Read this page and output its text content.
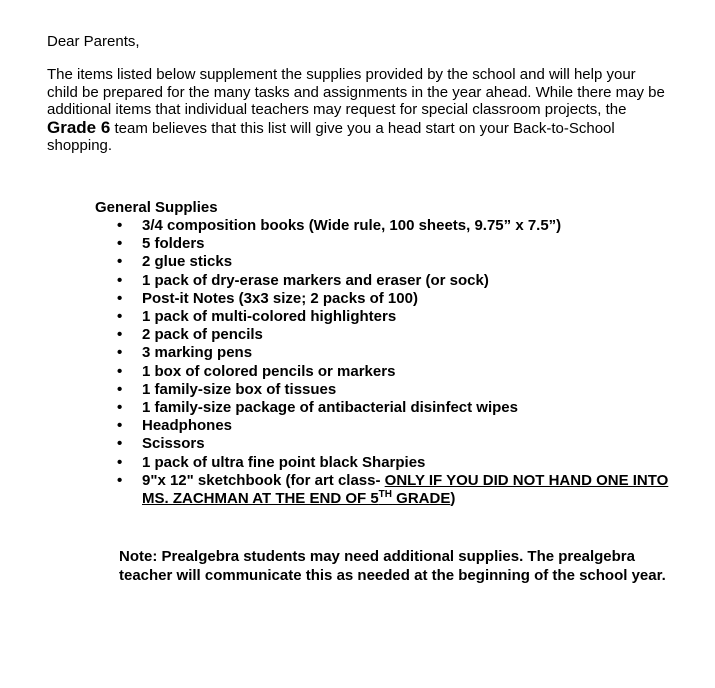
Dear Parents,

The items listed below supplement the supplies provided by the school and will help your child be prepared for the many tasks and assignments in the year ahead. While there may be additional items that individual teachers may request for special classroom projects, the Grade 6 team believes that this list will give you a head start on your Back-to-School shopping.

General Supplies

• 3/4 composition books (Wide rule, 100 sheets, 9.75” x 7.5”)
• 5 folders
• 2 glue sticks
• 1 pack of dry-erase markers and eraser (or sock)
• Post-it Notes (3x3 size; 2 packs of 100)
• 1 pack of multi-colored highlighters
• 2 pack of pencils
• 3 marking pens
• 1 box of colored pencils or markers
• 1 family-size box of tissues
• 1 family-size package of antibacterial disinfect wipes
• Headphones
• Scissors
• 1 pack of ultra fine point black Sharpies
• 9"x 12" sketchbook (for art class- ONLY IF YOU DID NOT HAND ONE INTO MS. ZACHMAN AT THE END OF 5TH GRADE)

Note: Prealgebra students may need additional supplies. The prealgebra teacher will communicate this as needed at the beginning of the school year.
